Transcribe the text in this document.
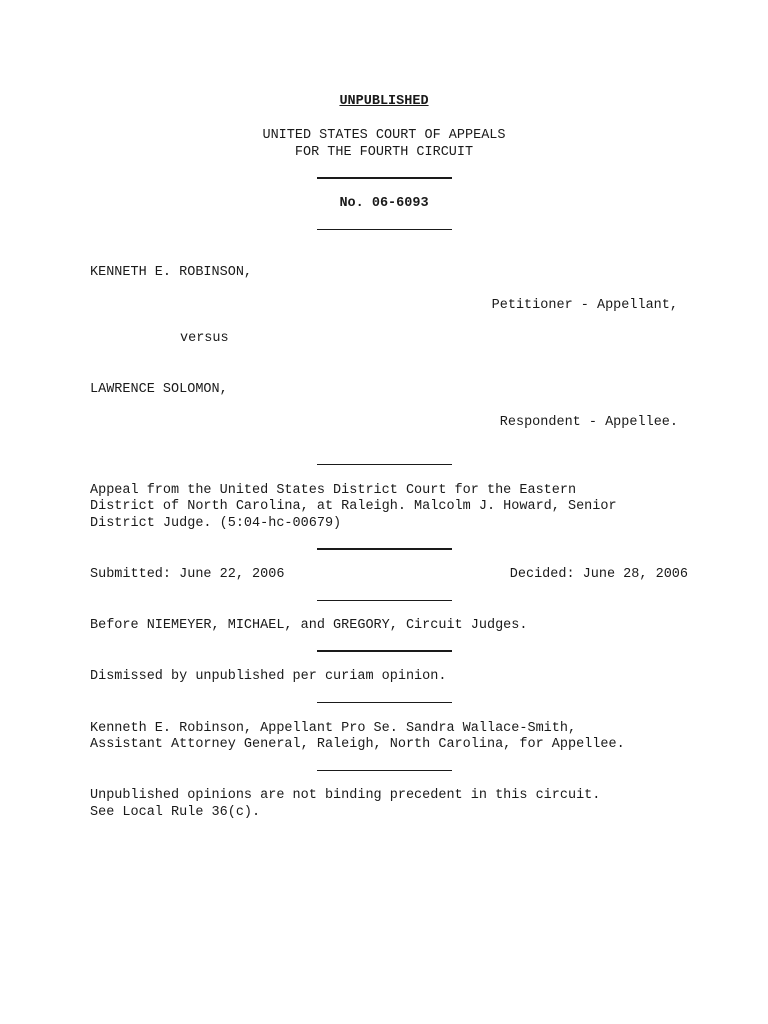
UNPUBLISHED
UNITED STATES COURT OF APPEALS
FOR THE FOURTH CIRCUIT
No. 06-6093
KENNETH E. ROBINSON,
Petitioner - Appellant,
versus
LAWRENCE SOLOMON,
Respondent - Appellee.
Appeal from the United States District Court for the Eastern
District of North Carolina, at Raleigh. Malcolm J. Howard, Senior
District Judge. (5:04-hc-00679)
Submitted: June 22, 2006	Decided: June 28, 2006
Before NIEMEYER, MICHAEL, and GREGORY, Circuit Judges.
Dismissed by unpublished per curiam opinion.
Kenneth E. Robinson, Appellant Pro Se. Sandra Wallace-Smith,
Assistant Attorney General, Raleigh, North Carolina, for Appellee.
Unpublished opinions are not binding precedent in this circuit.
See Local Rule 36(c).
